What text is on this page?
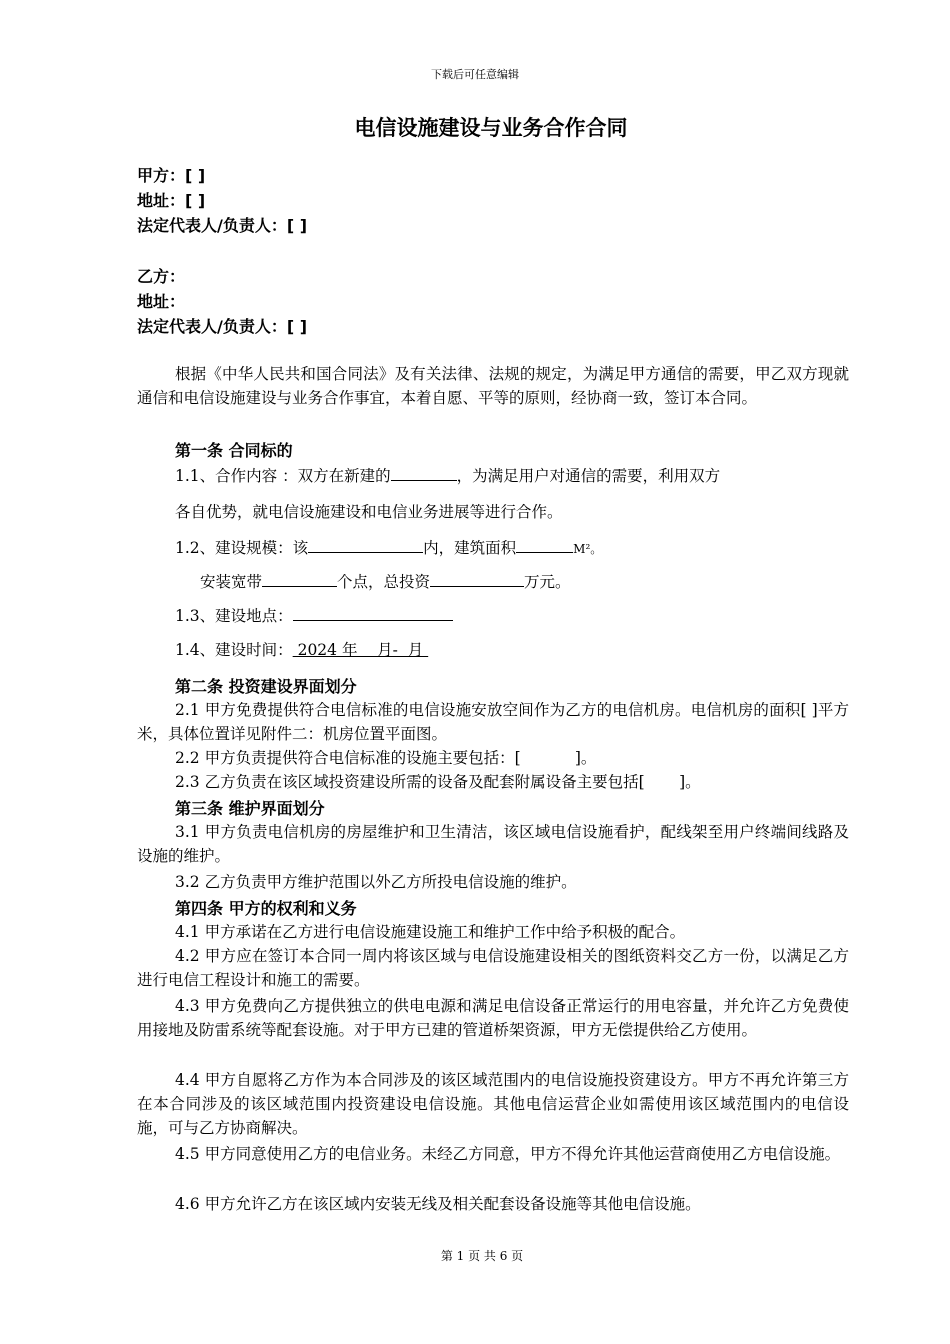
下载后可任意编辑
电信设施建设与业务合作合同
甲方：[ ]
地址：[ ]
法定代表人/负责人：[ ]
乙方：
地址：
法定代表人/负责人：[ ]
根据《中华人民共和国合同法》及有关法律、法规的规定，为满足甲方通信的需要，甲乙双方现就通信和电信设施建设与业务合作事宜，本着自愿、平等的原则，经协商一致，签订本合同。
第一条 合同标的
1.1、合作内容 ：双方在新建的	，为满足用户对通信的需要，利用双方
各自优势，就电信设施建设和电信业务进展等进行合作。
1.2、建设规模：该	内，建筑面积	M²。
安装宽带	个点，总投资	万元。
1.3、建设地点：
1.4、建设时间： 2024 年    月-  月
第二条 投资建设界面划分
2.1 甲方免费提供符合电信标准的电信设施安放空间作为乙方的电信机房。电信机房的面积[ ]平方米，具体位置详见附件二：机房位置平面图。
2.2 甲方负责提供符合电信标准的设施主要包括：[           ]。
2.3 乙方负责在该区域投资建设所需的设备及配套附属设备主要包括[       ]。
第三条 维护界面划分
3.1 甲方负责电信机房的房屋维护和卫生清洁，该区域电信设施看护，配线架至用户终端间线路及设施的维护。
3.2 乙方负责甲方维护范围以外乙方所投电信设施的维护。
第四条 甲方的权利和义务
4.1 甲方承诺在乙方进行电信设施建设施工和维护工作中给予积极的配合。
4.2 甲方应在签订本合同一周内将该区域与电信设施建设相关的图纸资料交乙方一份，以满足乙方进行电信工程设计和施工的需要。
4.3 甲方免费向乙方提供独立的供电电源和满足电信设备正常运行的用电容量，并允许乙方免费使用接地及防雷系统等配套设施。对于甲方已建的管道桥架资源，甲方无偿提供给乙方使用。
4.4 甲方自愿将乙方作为本合同涉及的该区域范围内的电信设施投资建设方。甲方不再允许第三方在本合同涉及的该区域范围内投资建设电信设施。其他电信运营企业如需使用该区域范围内的电信设施，可与乙方协商解决。
4.5 甲方同意使用乙方的电信业务。未经乙方同意，甲方不得允许其他运营商使用乙方电信设施。
4.6 甲方允许乙方在该区域内安装无线及相关配套设备设施等其他电信设施。
第 1 页 共 6 页
